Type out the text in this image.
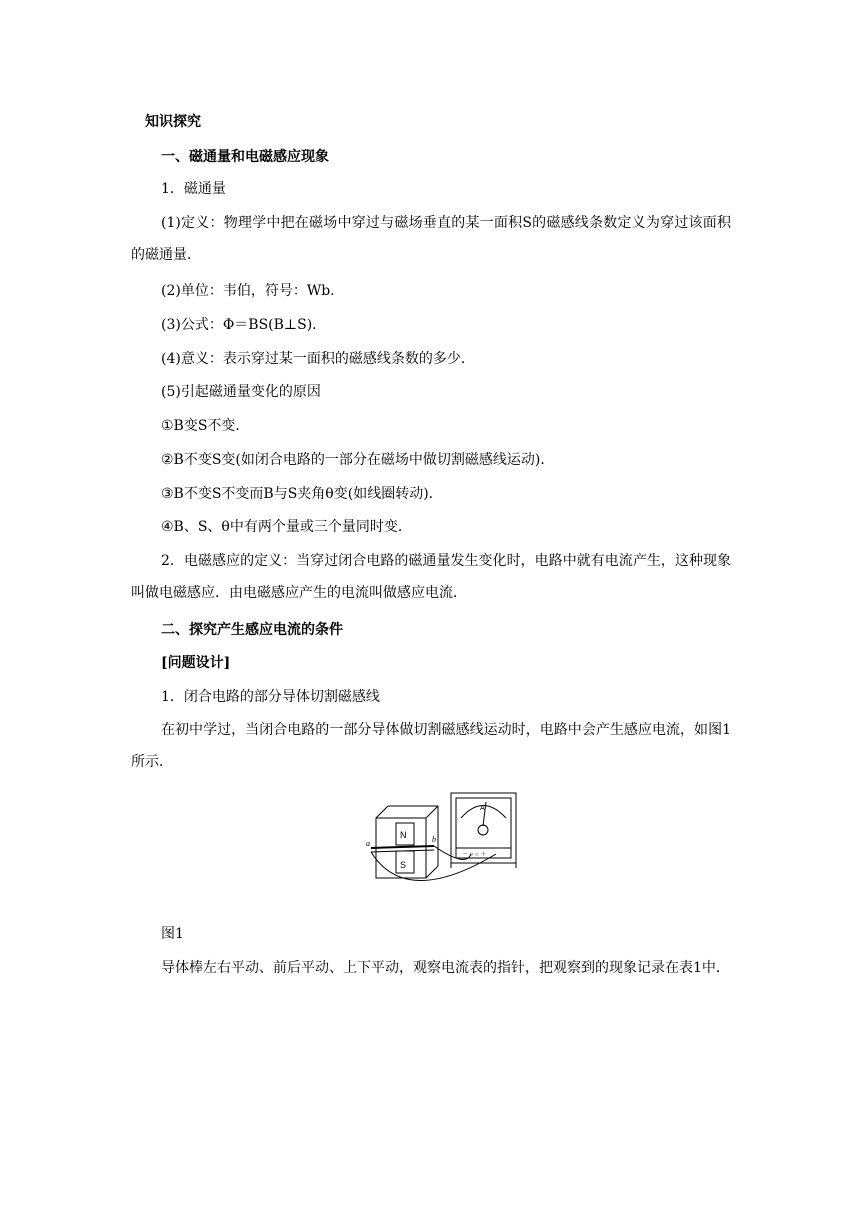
知识探究
一、磁通量和电磁感应现象
1．磁通量
(1)定义：物理学中把在磁场中穿过与磁场垂直的某一面积S的磁感线条数定义为穿过该面积的磁通量．
(2)单位：韦伯，符号：Wb.
(3)公式：Φ＝BS(B⊥S)．
(4)意义：表示穿过某一面积的磁感线条数的多少．
(5)引起磁通量变化的原因
①B变S不变．
②B不变S变(如闭合电路的一部分在磁场中做切割磁感线运动)．
③B不变S不变而B与S夹角θ变(如线圈转动)．
④B、S、θ中有两个量或三个量同时变．
2．电磁感应的定义：当穿过闭合电路的磁通量发生变化时，电路中就有电流产生，这种现象叫做电磁感应．由电磁感应产生的电流叫做感应电流．
二、探究产生感应电流的条件
[问题设计]
1．闭合电路的部分导体切割磁感线
在初中学过，当闭合电路的一部分导体做切割磁感线运动时，电路中会产生感应电流，如图1所示．
N
S
a	b
A
－ ○ ○ ＋
图1
导体棒左右平动、前后平动、上下平动，观察电流表的指针，把观察到的现象记录在表1中．
